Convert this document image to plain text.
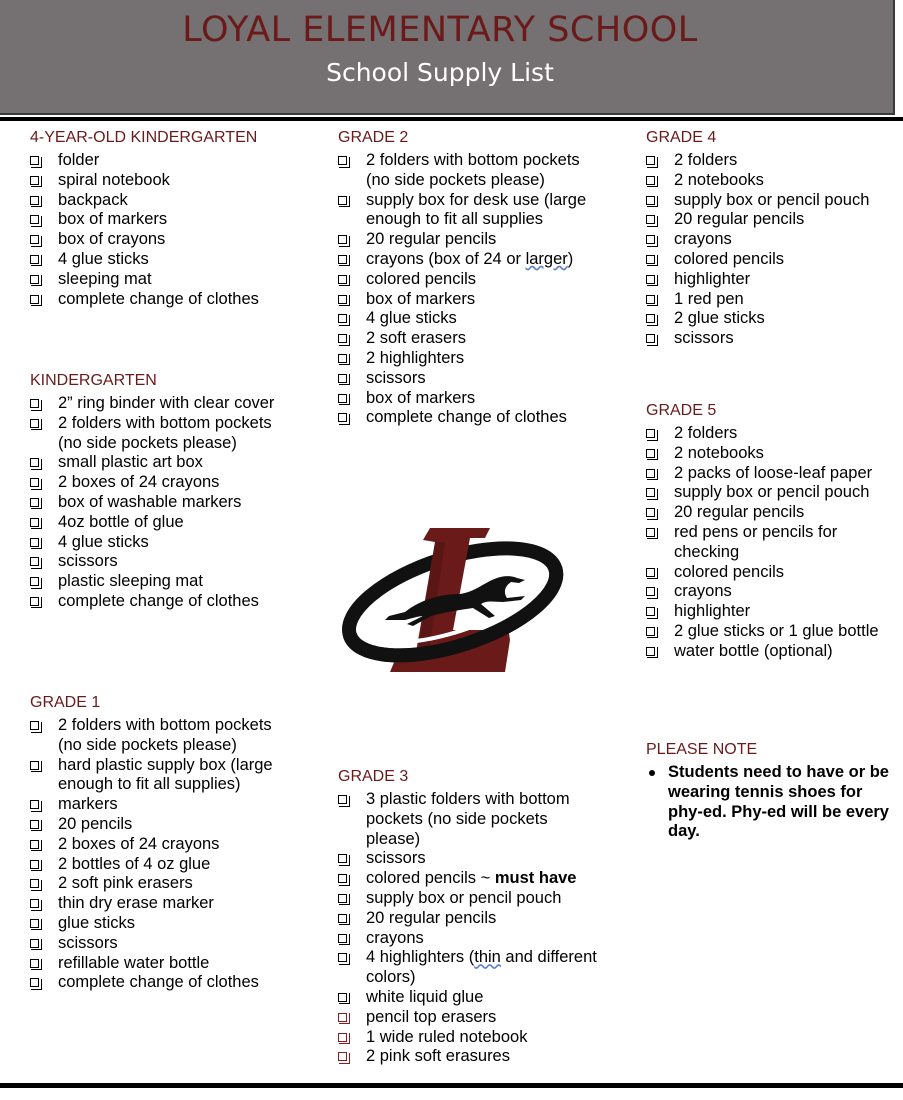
LOYAL ELEMENTARY SCHOOL
School Supply List
4-YEAR-OLD KINDERGARTEN
folder
spiral notebook
backpack
box of markers
box of crayons
4 glue sticks
sleeping mat
complete change of clothes
KINDERGARTEN
2” ring binder with clear cover
2 folders with bottom pockets (no side pockets please)
small plastic art box
2 boxes of 24 crayons
box of washable markers
4oz bottle of glue
4 glue sticks
scissors
plastic sleeping mat
complete change of clothes
GRADE 1
2 folders with bottom pockets (no side pockets please)
hard plastic supply box (large enough to fit all supplies)
markers
20 pencils
2 boxes of 24 crayons
2 bottles of 4 oz glue
2 soft pink erasers
thin dry erase marker
glue sticks
scissors
refillable water bottle
complete change of clothes
GRADE 2
2 folders with bottom pockets (no side pockets please)
supply box for desk use (large enough to fit all supplies
20 regular pencils
crayons (box of 24 or larger)
colored pencils
box of markers
4 glue sticks
2 soft erasers
2 highlighters
scissors
box of markers
complete change of clothes
GRADE 3
3 plastic folders with bottom pockets (no side pockets please)
scissors
colored pencils ~ must have
supply box or pencil pouch
20 regular pencils
crayons
4 highlighters (thin and different colors)
white liquid glue
pencil top erasers
1 wide ruled notebook
2 pink soft erasures
GRADE 4
2 folders
2 notebooks
supply box or pencil pouch
20 regular pencils
crayons
colored pencils
highlighter
1 red pen
2 glue sticks
scissors
GRADE 5
2 folders
2 notebooks
2 packs of loose-leaf paper
supply box or pencil pouch
20 regular pencils
red pens or pencils for checking
colored pencils
crayons
highlighter
2 glue sticks or 1 glue bottle
water bottle (optional)
PLEASE NOTE
Students need to have or be wearing tennis shoes for phy-ed. Phy-ed will be every day.
